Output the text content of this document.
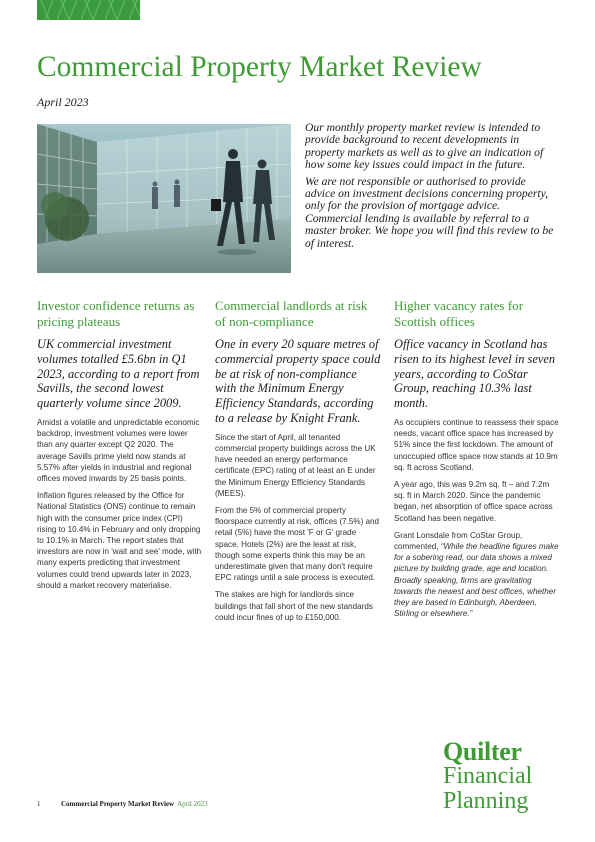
Commercial Property Market Review
April 2023

Our monthly property market review is intended to provide background to recent developments in property markets as well as to give an indication of how some key issues could impact in the future.

We are not responsible or authorised to provide advice on investment decisions concerning property, only for the provision of mortgage advice. Commercial lending is available by referral to a master broker. We hope you will find this review to be of interest.

Investor confidence returns as pricing plateaus
UK commercial investment volumes totalled £5.6bn in Q1 2023, according to a report from Savills, the second lowest quarterly volume since 2009.

Amidst a volatile and unpredictable economic backdrop, investment volumes were lower than any quarter except Q2 2020. The average Savills prime yield now stands at 5.57% after yields in industrial and regional offices moved inwards by 25 basis points.

Inflation figures released by the Office for National Statistics (ONS) continue to remain high with the consumer price index (CPI) rising to 10.4% in February and only dropping to 10.1% in March. The report states that investors are now in 'wait and see' mode, with many experts predicting that investment volumes could trend upwards later in 2023, should a market recovery materialise.

Commercial landlords at risk of non-compliance
One in every 20 square metres of commercial property space could be at risk of non-compliance with the Minimum Energy Efficiency Standards, according to a release by Knight Frank.

Since the start of April, all tenanted commercial property buildings across the UK have needed an energy performance certificate (EPC) rating of at least an E under the Minimum Energy Efficiency Standards (MEES).

From the 5% of commercial property floorspace currently at risk, offices (7.5%) and retail (5%) have the most 'F or G' grade space. Hotels (2%) are the least at risk, though some experts think this may be an underestimate given that many don't require EPC ratings until a sale process is executed.

The stakes are high for landlords since buildings that fall short of the new standards could incur fines of up to £150,000.

Higher vacancy rates for Scottish offices
Office vacancy in Scotland has risen to its highest level in seven years, according to CoStar Group, reaching 10.3% last month.

As occupiers continue to reassess their space needs, vacant office space has increased by 51% since the first lockdown. The amount of unoccupied office space now stands at 10.9m sq. ft across Scotland.

A year ago, this was 9.2m sq. ft – and 7.2m sq. ft in March 2020. Since the pandemic began, net absorption of office space across Scotland has been negative.

Grant Lonsdale from CoStar Group, commented, “While the headline figures make for a sobering read, our data shows a mixed picture by building grade, age and location. Broadly speaking, firms are gravitating towards the newest and best offices, whether they are based in Edinburgh, Aberdeen, Stirling or elsewhere.”

1	Commercial Property Market Review April 2023
Quilter
Financial
Planning
